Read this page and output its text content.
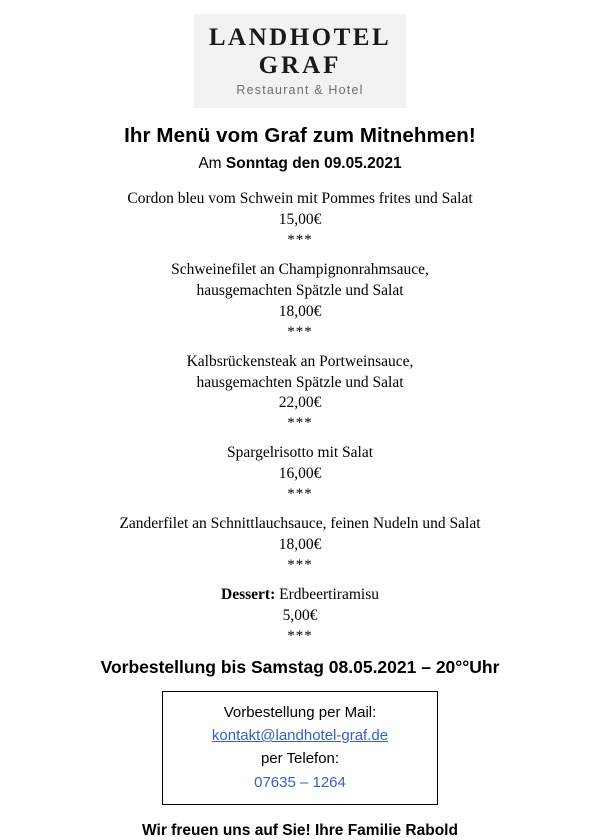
LANDHOTEL
GRAF
Restaurant & Hotel
Ihr Menü vom Graf zum Mitnehmen!
Am Sonntag den 09.05.2021
Cordon bleu vom Schwein mit Pommes frites und Salat
15,00€
***
Schweinefilet an Champignonrahmsauce,
hausgemachten Spätzle und Salat
18,00€
***
Kalbsrückensteak an Portweinsauce,
hausgemachten Spätzle und Salat
22,00€
***
Spargelrisotto mit Salat
16,00€
***
Zanderfilet an Schnittlauchsauce, feinen Nudeln und Salat
18,00€
***
Dessert: Erdbeertiramisu
5,00€
***
Vorbestellung bis Samstag 08.05.2021 – 20°°Uhr
Vorbestellung per Mail:
kontakt@landhotel-graf.de
per Telefon:
07635 – 1264
Wir freuen uns auf Sie! Ihre Familie Rabold
